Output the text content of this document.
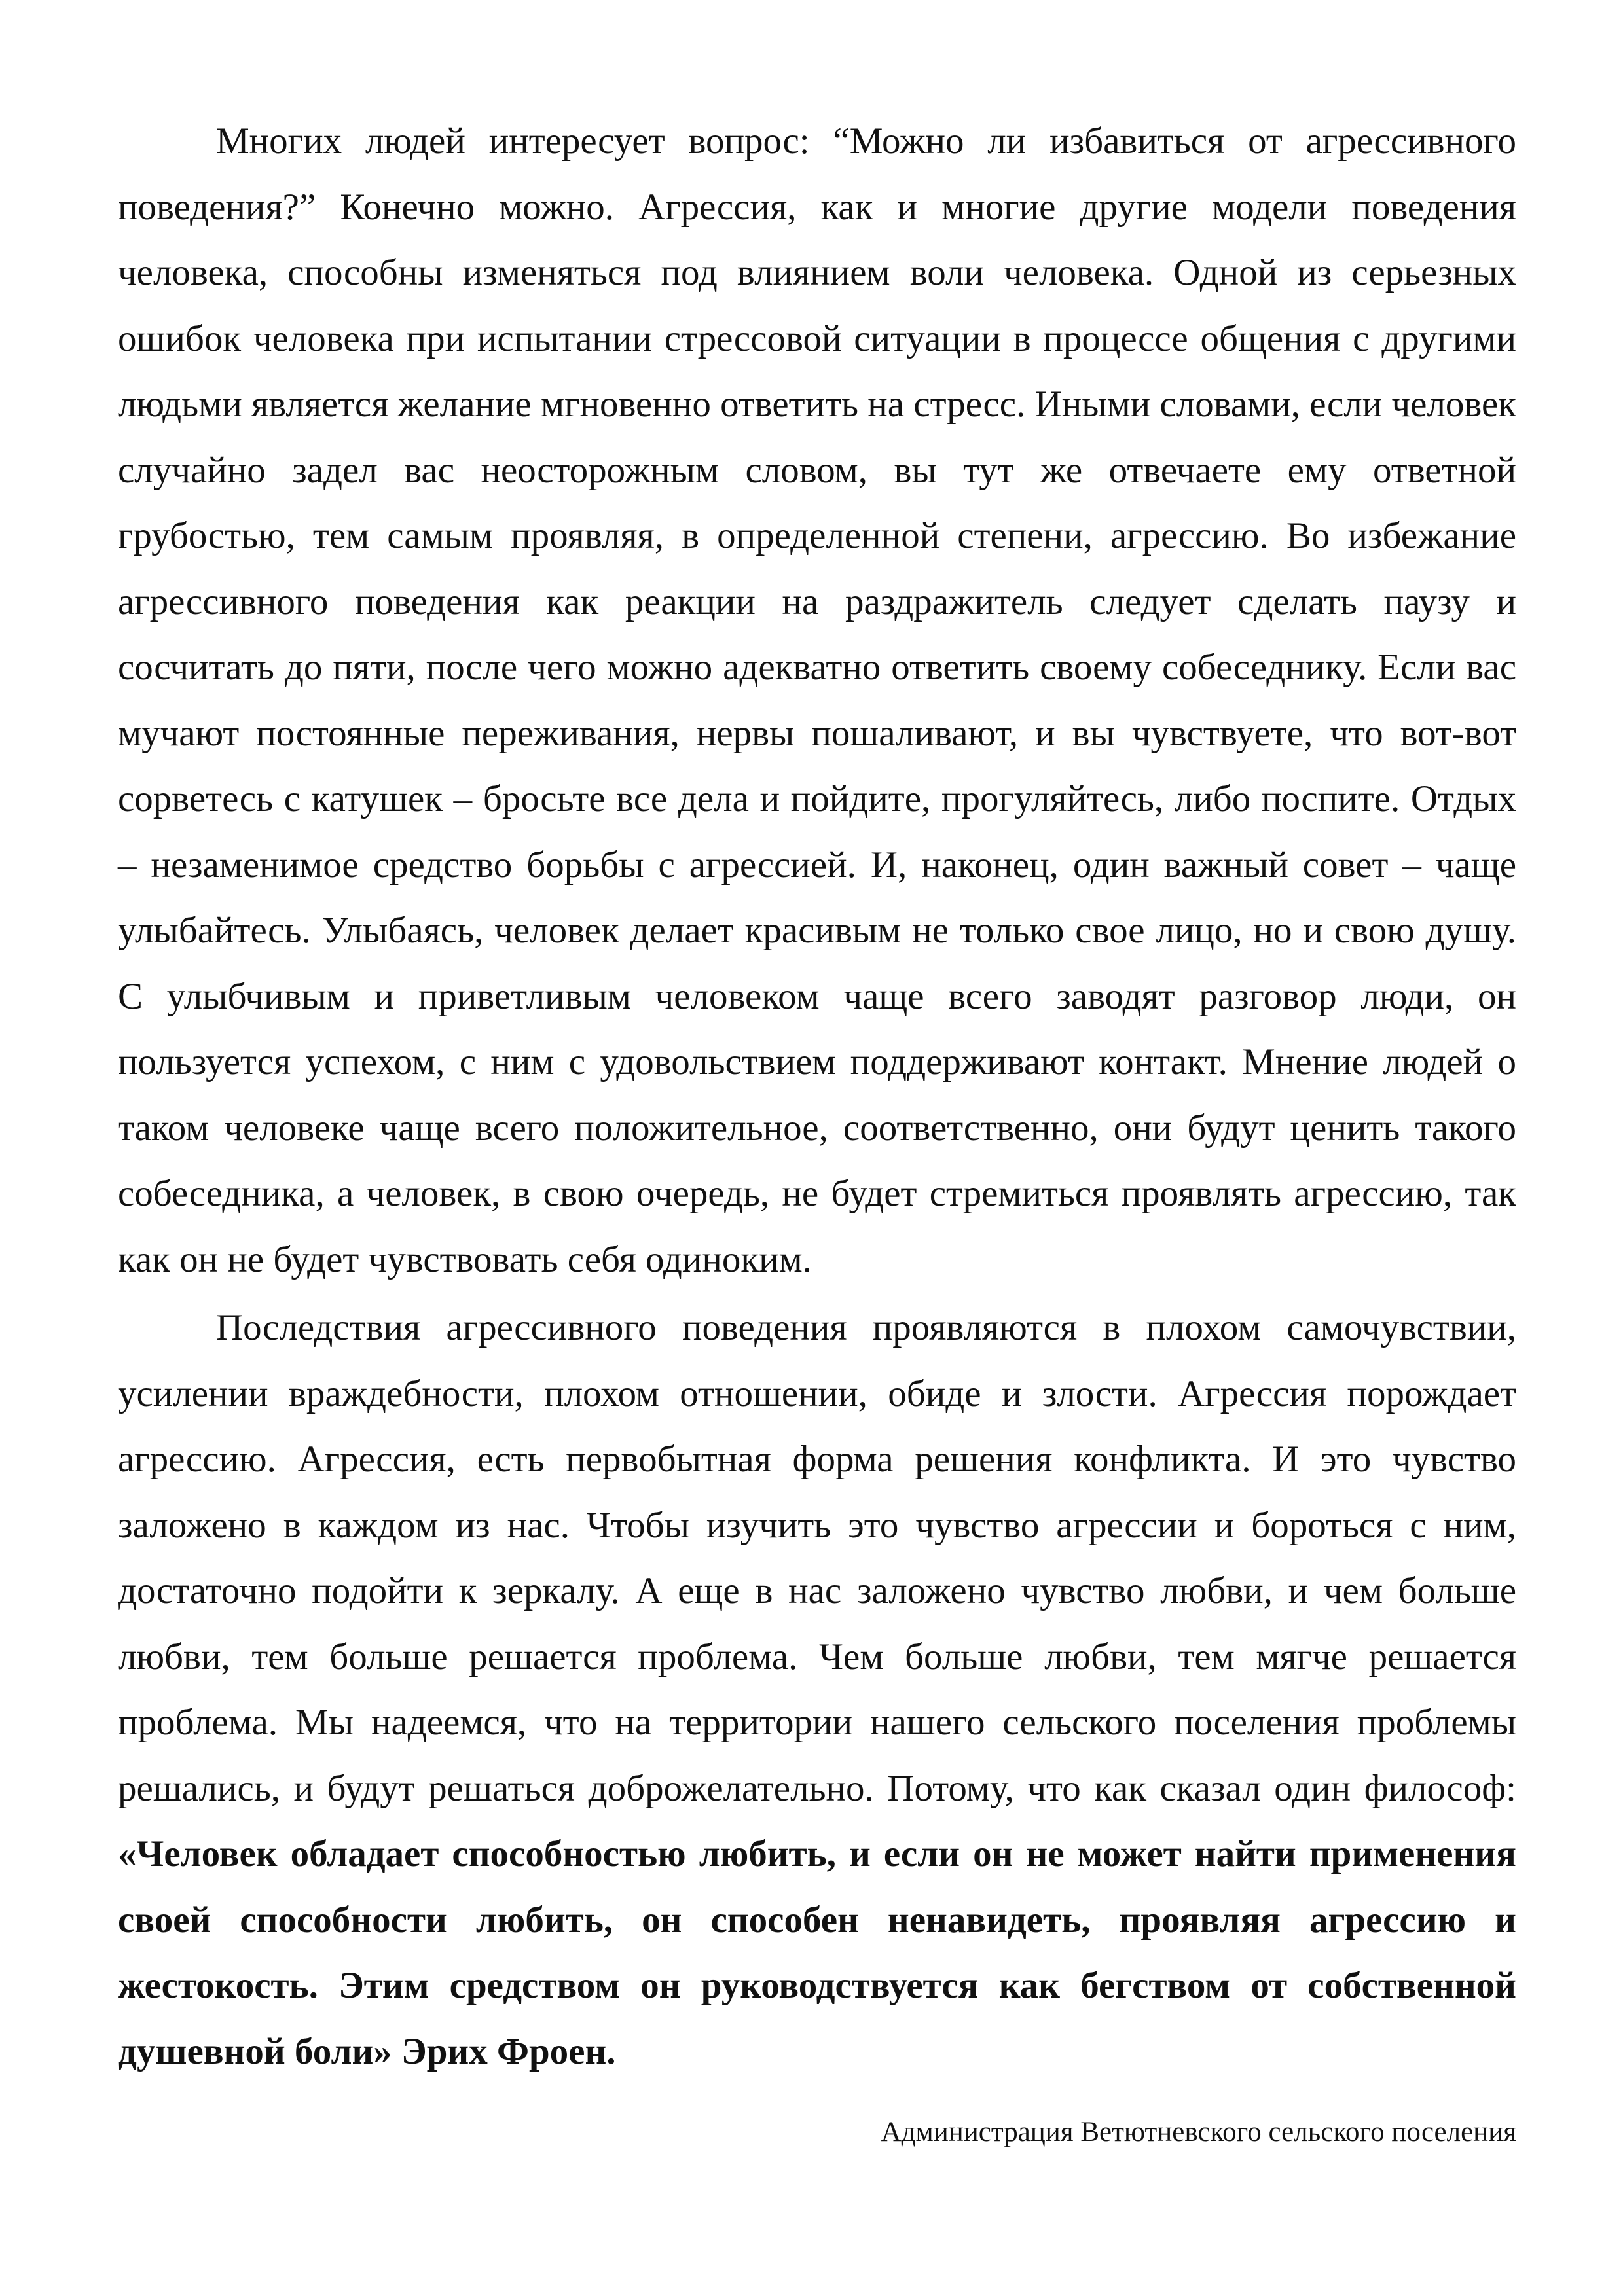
Многих людей интересует вопрос: “Можно ли избавиться от агрессивного поведения?” Конечно можно. Агрессия, как и многие другие модели поведения человека, способны изменяться под влиянием воли человека. Одной из серьезных ошибок человека при испытании стрессовой ситуации в процессе общения с другими людьми является желание мгновенно ответить на стресс. Иными словами, если человек случайно задел вас неосторожным словом, вы тут же отвечаете ему ответной грубостью, тем самым проявляя, в определенной степени, агрессию. Во избежание агрессивного поведения как реакции на раздражитель следует сделать паузу и сосчитать до пяти, после чего можно адекватно ответить своему собеседнику. Если вас мучают постоянные переживания, нервы пошаливают, и вы чувствуете, что вот-вот сорветесь с катушек – бросьте все дела и пойдите, прогуляйтесь, либо поспите. Отдых – незаменимое средство борьбы с агрессией. И, наконец, один важный совет – чаще улыбайтесь. Улыбаясь, человек делает красивым не только свое лицо, но и свою душу. С улыбчивым и приветливым человеком чаще всего заводят разговор люди, он пользуется успехом, с ним с удовольствием поддерживают контакт. Мнение людей о таком человеке чаще всего положительное, соответственно, они будут ценить такого собеседника, а человек, в свою очередь, не будет стремиться проявлять агрессию, так как он не будет чувствовать себя одиноким.

Последствия агрессивного поведения проявляются в плохом самочувствии, усилении враждебности, плохом отношении, обиде и злости. Агрессия порождает агрессию. Агрессия, есть первобытная форма решения конфликта. И это чувство заложено в каждом из нас. Чтобы изучить это чувство агрессии и бороться с ним, достаточно подойти к зеркалу. А еще в нас заложено чувство любви, и чем больше любви, тем больше решается проблема. Чем больше любви, тем мягче решается проблема. Мы надеемся, что на территории нашего сельского поселения проблемы решались, и будут решаться доброжелательно. Потому, что как сказал один философ: «Человек обладает способностью любить, и если он не может найти применения своей способности любить, он способен ненавидеть, проявляя агрессию и жестокость. Этим средством он руководствуется как бегством от собственной душевной боли» Эрих Фроен.

Администрация Ветютневского сельского поселения
